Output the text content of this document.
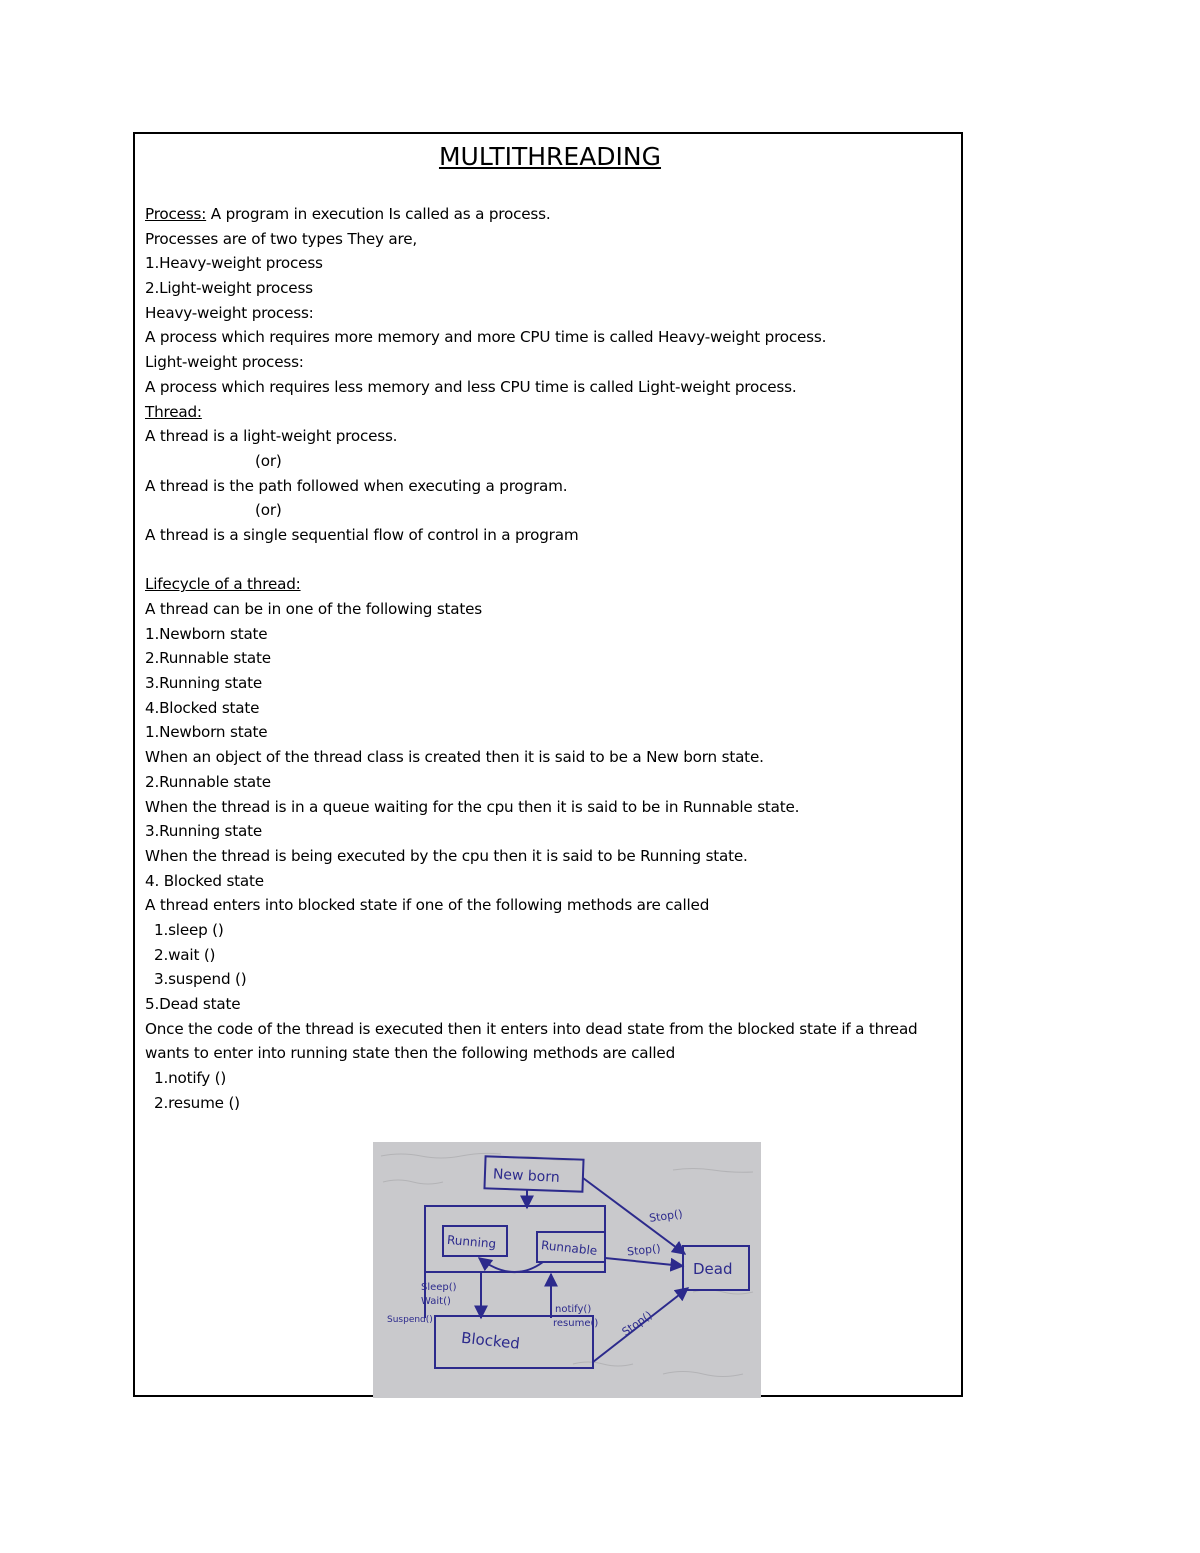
MULTITHREADING
Process: A program in execution Is called as a process.
Processes are of two types They are,
1.Heavy-weight process
2.Light-weight process
Heavy-weight process:
A process which requires more memory and more CPU time is called Heavy-weight process.
Light-weight process:
A process which requires less memory and less CPU time is called Light-weight process.
Thread:
A thread is a light-weight process.
(or)
A thread is the path followed when executing a program.
(or)
A thread is a single sequential flow of control in a program
Lifecycle of a thread:
A thread can be in one of the following states
1.Newborn state
2.Runnable state
3.Running state
4.Blocked state
1.Newborn state
When an object of the thread class is created then it is said to be a New born state.
2.Runnable state
When the thread is in a queue waiting for the cpu then it is said to be in Runnable state.
3.Running state
When the thread is being executed by the cpu then it is said to be Running state.
4. Blocked state
A thread enters into blocked state if one of the following methods are called
1.sleep ()
2.wait ()
3.suspend ()
5.Dead state
Once the code of the thread is executed then it enters into dead state from the blocked state if a thread wants to enter into running state then the following methods are called
1.notify ()
2.resume ()
New born
Running	Runnable
Dead
Blocked
Stop()
Stop()
Stop()
Sleep()
Wait()
Suspend()
notify()
resume()
